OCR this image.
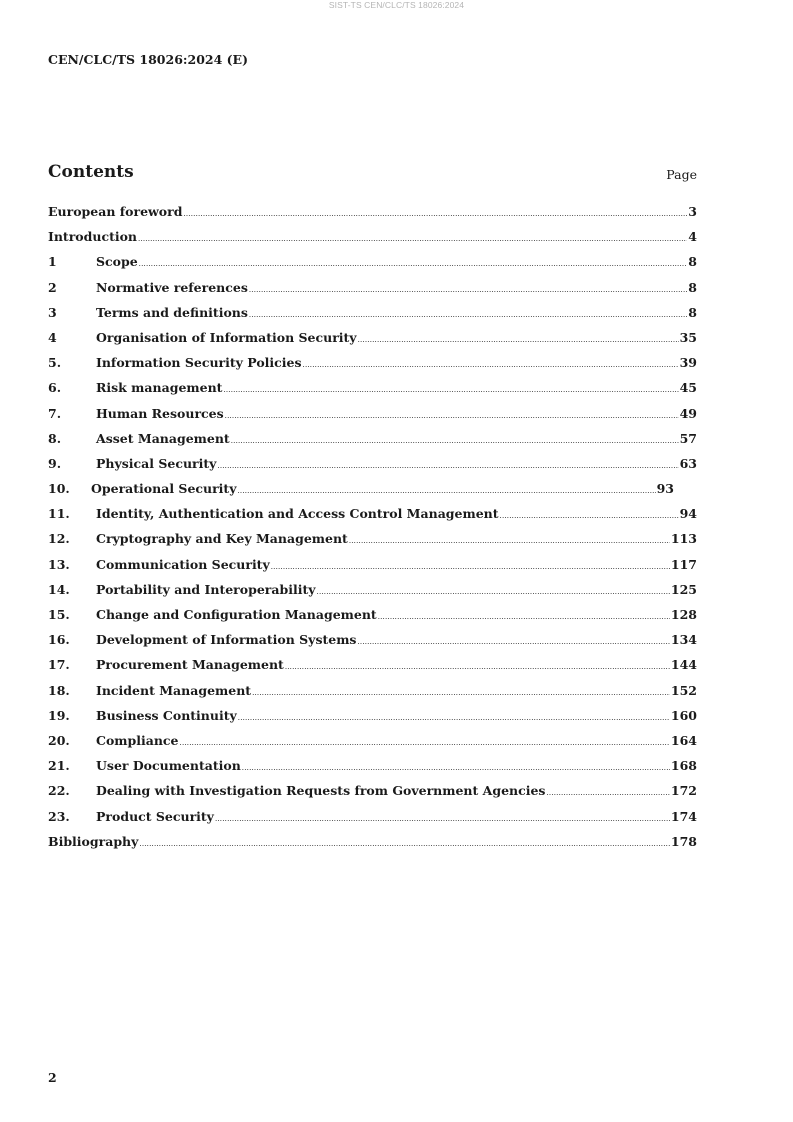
SIST-TS CEN/CLC/TS 18026:2024
CEN/CLC/TS 18026:2024 (E)
Contents	Page
European foreword .....	3
Introduction .....	4
1	Scope .....	8
2	Normative references .....	8
3	Terms and definitions .....	8
4	Organisation of Information Security .....	35
5.	Information Security Policies .....	39
6.	Risk management .....	45
7.	Human Resources .....	49
8.	Asset Management .....	57
9.	Physical Security .....	63
10.	Operational Security .....	93
11.	Identity, Authentication and Access Control Management .....	94
12.	Cryptography and Key Management .....	113
13.	Communication Security .....	117
14.	Portability and Interoperability .....	125
15.	Change and Configuration Management .....	128
16.	Development of Information Systems .....	134
17.	Procurement Management .....	144
18.	Incident Management .....	152
19.	Business Continuity .....	160
20.	Compliance .....	164
21.	User Documentation .....	168
22.	Dealing with Investigation Requests from Government Agencies .....	172
23.	Product Security .....	174
Bibliography .....	178
2
